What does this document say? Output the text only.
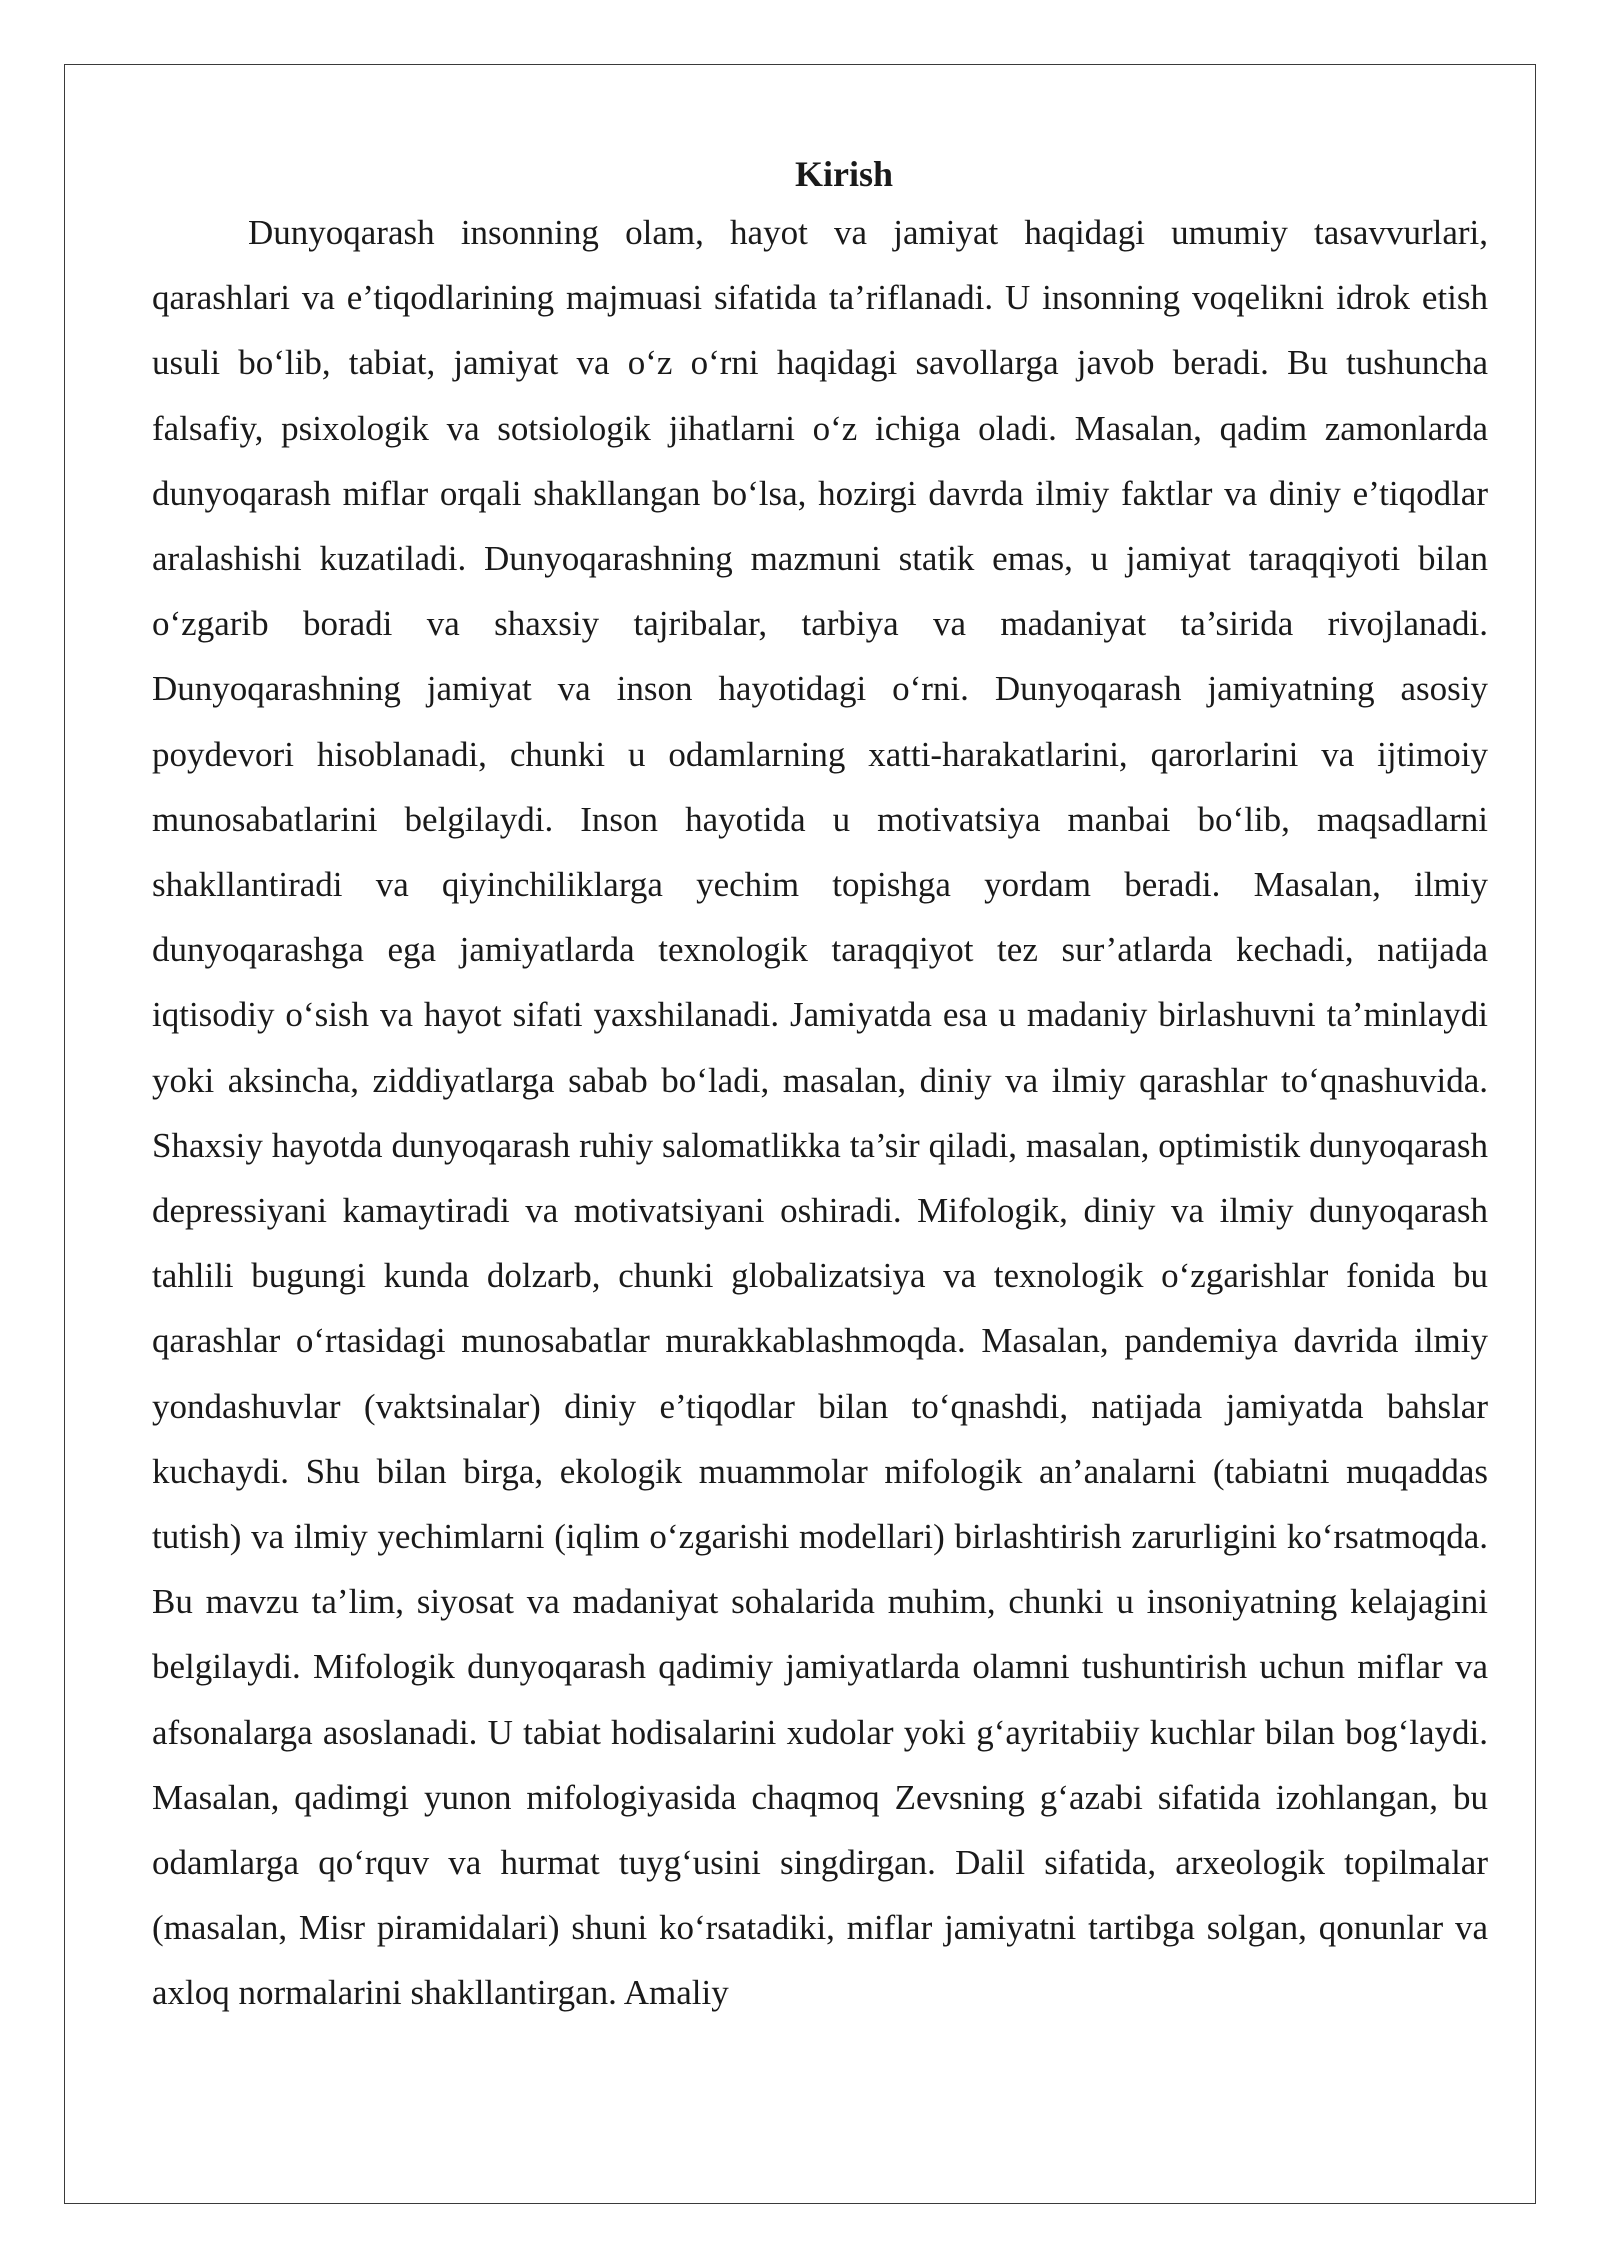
Kirish

Dunyoqarash insonning olam, hayot va jamiyat haqidagi umumiy tasavvurlari, qarashlari va e’tiqodlarining majmuasi sifatida ta’riflanadi. U insonning voqelikni idrok etish usuli bo‘lib, tabiat, jamiyat va o‘z o‘rni haqidagi savollarga javob beradi. Bu tushuncha falsafiy, psixologik va sotsiologik jihatlarni o‘z ichiga oladi. Masalan, qadim zamonlarda dunyoqarash miflar orqali shakllangan bo‘lsa, hozirgi davrda ilmiy faktlar va diniy e’tiqodlar aralashishi kuzatiladi. Dunyoqarashning mazmuni statik emas, u jamiyat taraqqiyoti bilan o‘zgarib boradi va shaxsiy tajribalar, tarbiya va madaniyat ta’sirida rivojlanadi. Dunyoqarashning jamiyat va inson hayotidagi o‘rni. Dunyoqarash jamiyatning asosiy poydevori hisoblanadi, chunki u odamlarning xatti-harakatlarini, qarorlarini va ijtimoiy munosabatlarini belgilaydi. Inson hayotida u motivatsiya manbai bo‘lib, maqsadlarni shakllantiradi va qiyinchiliklarga yechim topishga yordam beradi. Masalan, ilmiy dunyoqarashga ega jamiyatlarda texnologik taraqqiyot tez sur’atlarda kechadi, natijada iqtisodiy o‘sish va hayot sifati yaxshilanadi. Jamiyatda esa u madaniy birlashuvni ta’minlaydi yoki aksincha, ziddiyatlarga sabab bo‘ladi, masalan, diniy va ilmiy qarashlar to‘qnashuvida. Shaxsiy hayotda dunyoqarash ruhiy salomatlikka ta’sir qiladi, masalan, optimistik dunyoqarash depressiyani kamaytiradi va motivatsiyani oshiradi. Mifologik, diniy va ilmiy dunyoqarash tahlili bugungi kunda dolzarb, chunki globalizatsiya va texnologik o‘zgarishlar fonida bu qarashlar o‘rtasidagi munosabatlar murakkablashmoqda. Masalan, pandemiya davrida ilmiy yondashuvlar (vaktsinalar) diniy e’tiqodlar bilan to‘qnashdi, natijada jamiyatda bahslar kuchaydi. Shu bilan birga, ekologik muammolar mifologik an’analarni (tabiatni muqaddas tutish) va ilmiy yechimlarni (iqlim o‘zgarishi modellari) birlashtirish zarurligini ko‘rsatmoqda. Bu mavzu ta’lim, siyosat va madaniyat sohalarida muhim, chunki u insoniyatning kelajagini belgilaydi. Mifologik dunyoqarash qadimiy jamiyatlarda olamni tushuntirish uchun miflar va afsonalarga asoslanadi. U tabiat hodisalarini xudolar yoki g‘ayritabiiy kuchlar bilan bog‘laydi. Masalan, qadimgi yunon mifologiyasida chaqmoq Zevsning g‘azabi sifatida izohlangan, bu odamlarga qo‘rquv va hurmat tuyg‘usini singdirgan. Dalil sifatida, arxeologik topilmalar (masalan, Misr piramidalari) shuni ko‘rsatadiki, miflar jamiyatni tartibga solgan, qonunlar va axloq normalarini shakllantirgan. Amaliy
